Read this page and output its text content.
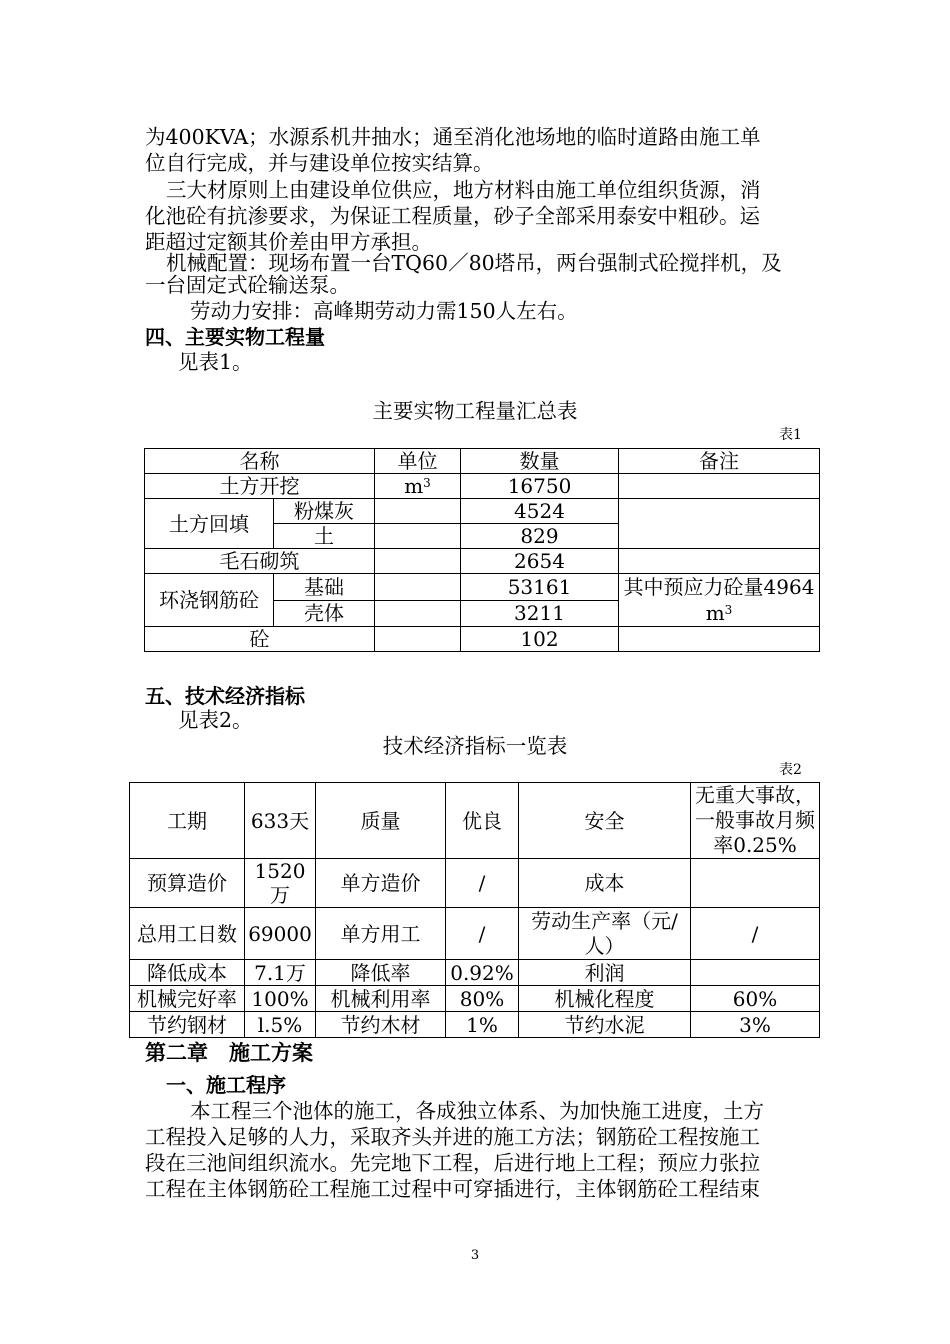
为400KVA；水源系机井抽水；通至消化池场地的临时道路由施工单
位自行完成，并与建设单位按实结算。
三大材原则上由建设单位供应，地方材料由施工单位组织货源，消
化池砼有抗渗要求，为保证工程质量，砂子全部采用泰安中粗砂。运
距超过定额其价差由甲方承担。
机械配置：现场布置一台TQ60／80塔吊，两台强制式砼搅拌机，及
一台固定式砼输送泵。
劳动力安排：高峰期劳动力需150人左右。
四、主要实物工程量
见表1。
主要实物工程量汇总表
表1
名称		单位	数量	备注
土方开挖		$m^3$	16750	
土方回填	粉煤灰		4524	
	土		829	
毛石砌筑			2654	
环浇钢筋砼	基础		53161	其中预应力砼量4964
$m^3$
	壳体		3211	
砼			102	
五、技术经济指标
见表2。
技术经济指标一览表
表2
工期	633天	质量	优良	安全	无重大事故，一般事故月频率0.25%
预算造价	1520万	单方造价	/	成本	
总用工日数	69000	单方用工	/	劳动生产率（元/人）	/
降低成本	7.1万	降低率	0.92%	利润	
机械完好率	100%	机械利用率	80%	机械化程度	60%
节约钢材	l.5%	节约木材	1%	节约水泥	3%
第二章　施工方案
一、施工程序
本工程三个池体的施工，各成独立体系、为加快施工进度，土方
工程投入足够的人力，采取齐头并进的施工方法；钢筋砼工程按施工
段在三池间组织流水。先完地下工程，后进行地上工程；预应力张拉
工程在主体钢筋砼工程施工过程中可穿插进行，主体钢筋砼工程结束
3
